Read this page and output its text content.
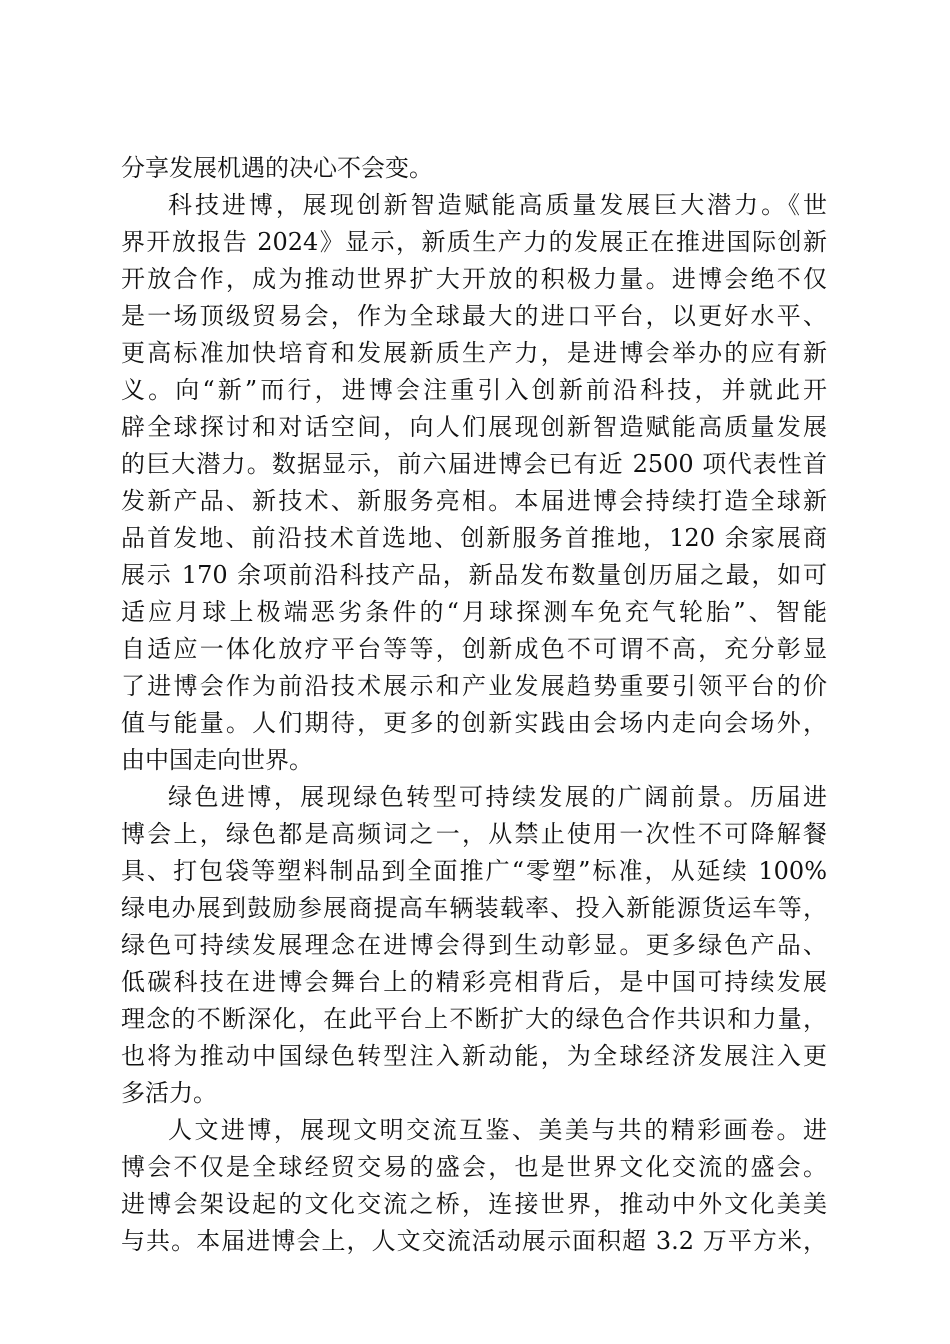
分享发展机遇的决心不会变。
科技进博，展现创新智造赋能高质量发展巨大潜力。《世
界开放报告 2024》显示，新质生产力的发展正在推进国际创新
开放合作，成为推动世界扩大开放的积极力量。进博会绝不仅
是一场顶级贸易会，作为全球最大的进口平台，以更好水平、
更高标准加快培育和发展新质生产力，是进博会举办的应有新
义。向“新”而行，进博会注重引入创新前沿科技，并就此开
辟全球探讨和对话空间，向人们展现创新智造赋能高质量发展
的巨大潜力。数据显示，前六届进博会已有近 2500 项代表性首
发新产品、新技术、新服务亮相。本届进博会持续打造全球新
品首发地、前沿技术首选地、创新服务首推地，120 余家展商
展示 170 余项前沿科技产品，新品发布数量创历届之最，如可
适应月球上极端恶劣条件的“月球探测车免充气轮胎”、智能
自适应一体化放疗平台等等，创新成色不可谓不高，充分彰显
了进博会作为前沿技术展示和产业发展趋势重要引领平台的价
值与能量。人们期待，更多的创新实践由会场内走向会场外，
由中国走向世界。
绿色进博，展现绿色转型可持续发展的广阔前景。历届进
博会上，绿色都是高频词之一，从禁止使用一次性不可降解餐
具、打包袋等塑料制品到全面推广“零塑”标准，从延续 100%
绿电办展到鼓励参展商提高车辆装载率、投入新能源货运车等，
绿色可持续发展理念在进博会得到生动彰显。更多绿色产品、
低碳科技在进博会舞台上的精彩亮相背后，是中国可持续发展
理念的不断深化，在此平台上不断扩大的绿色合作共识和力量，
也将为推动中国绿色转型注入新动能，为全球经济发展注入更
多活力。
人文进博，展现文明交流互鉴、美美与共的精彩画卷。进
博会不仅是全球经贸交易的盛会，也是世界文化交流的盛会。
进博会架设起的文化交流之桥，连接世界，推动中外文化美美
与共。本届进博会上，人文交流活动展示面积超 3.2 万平方米，
